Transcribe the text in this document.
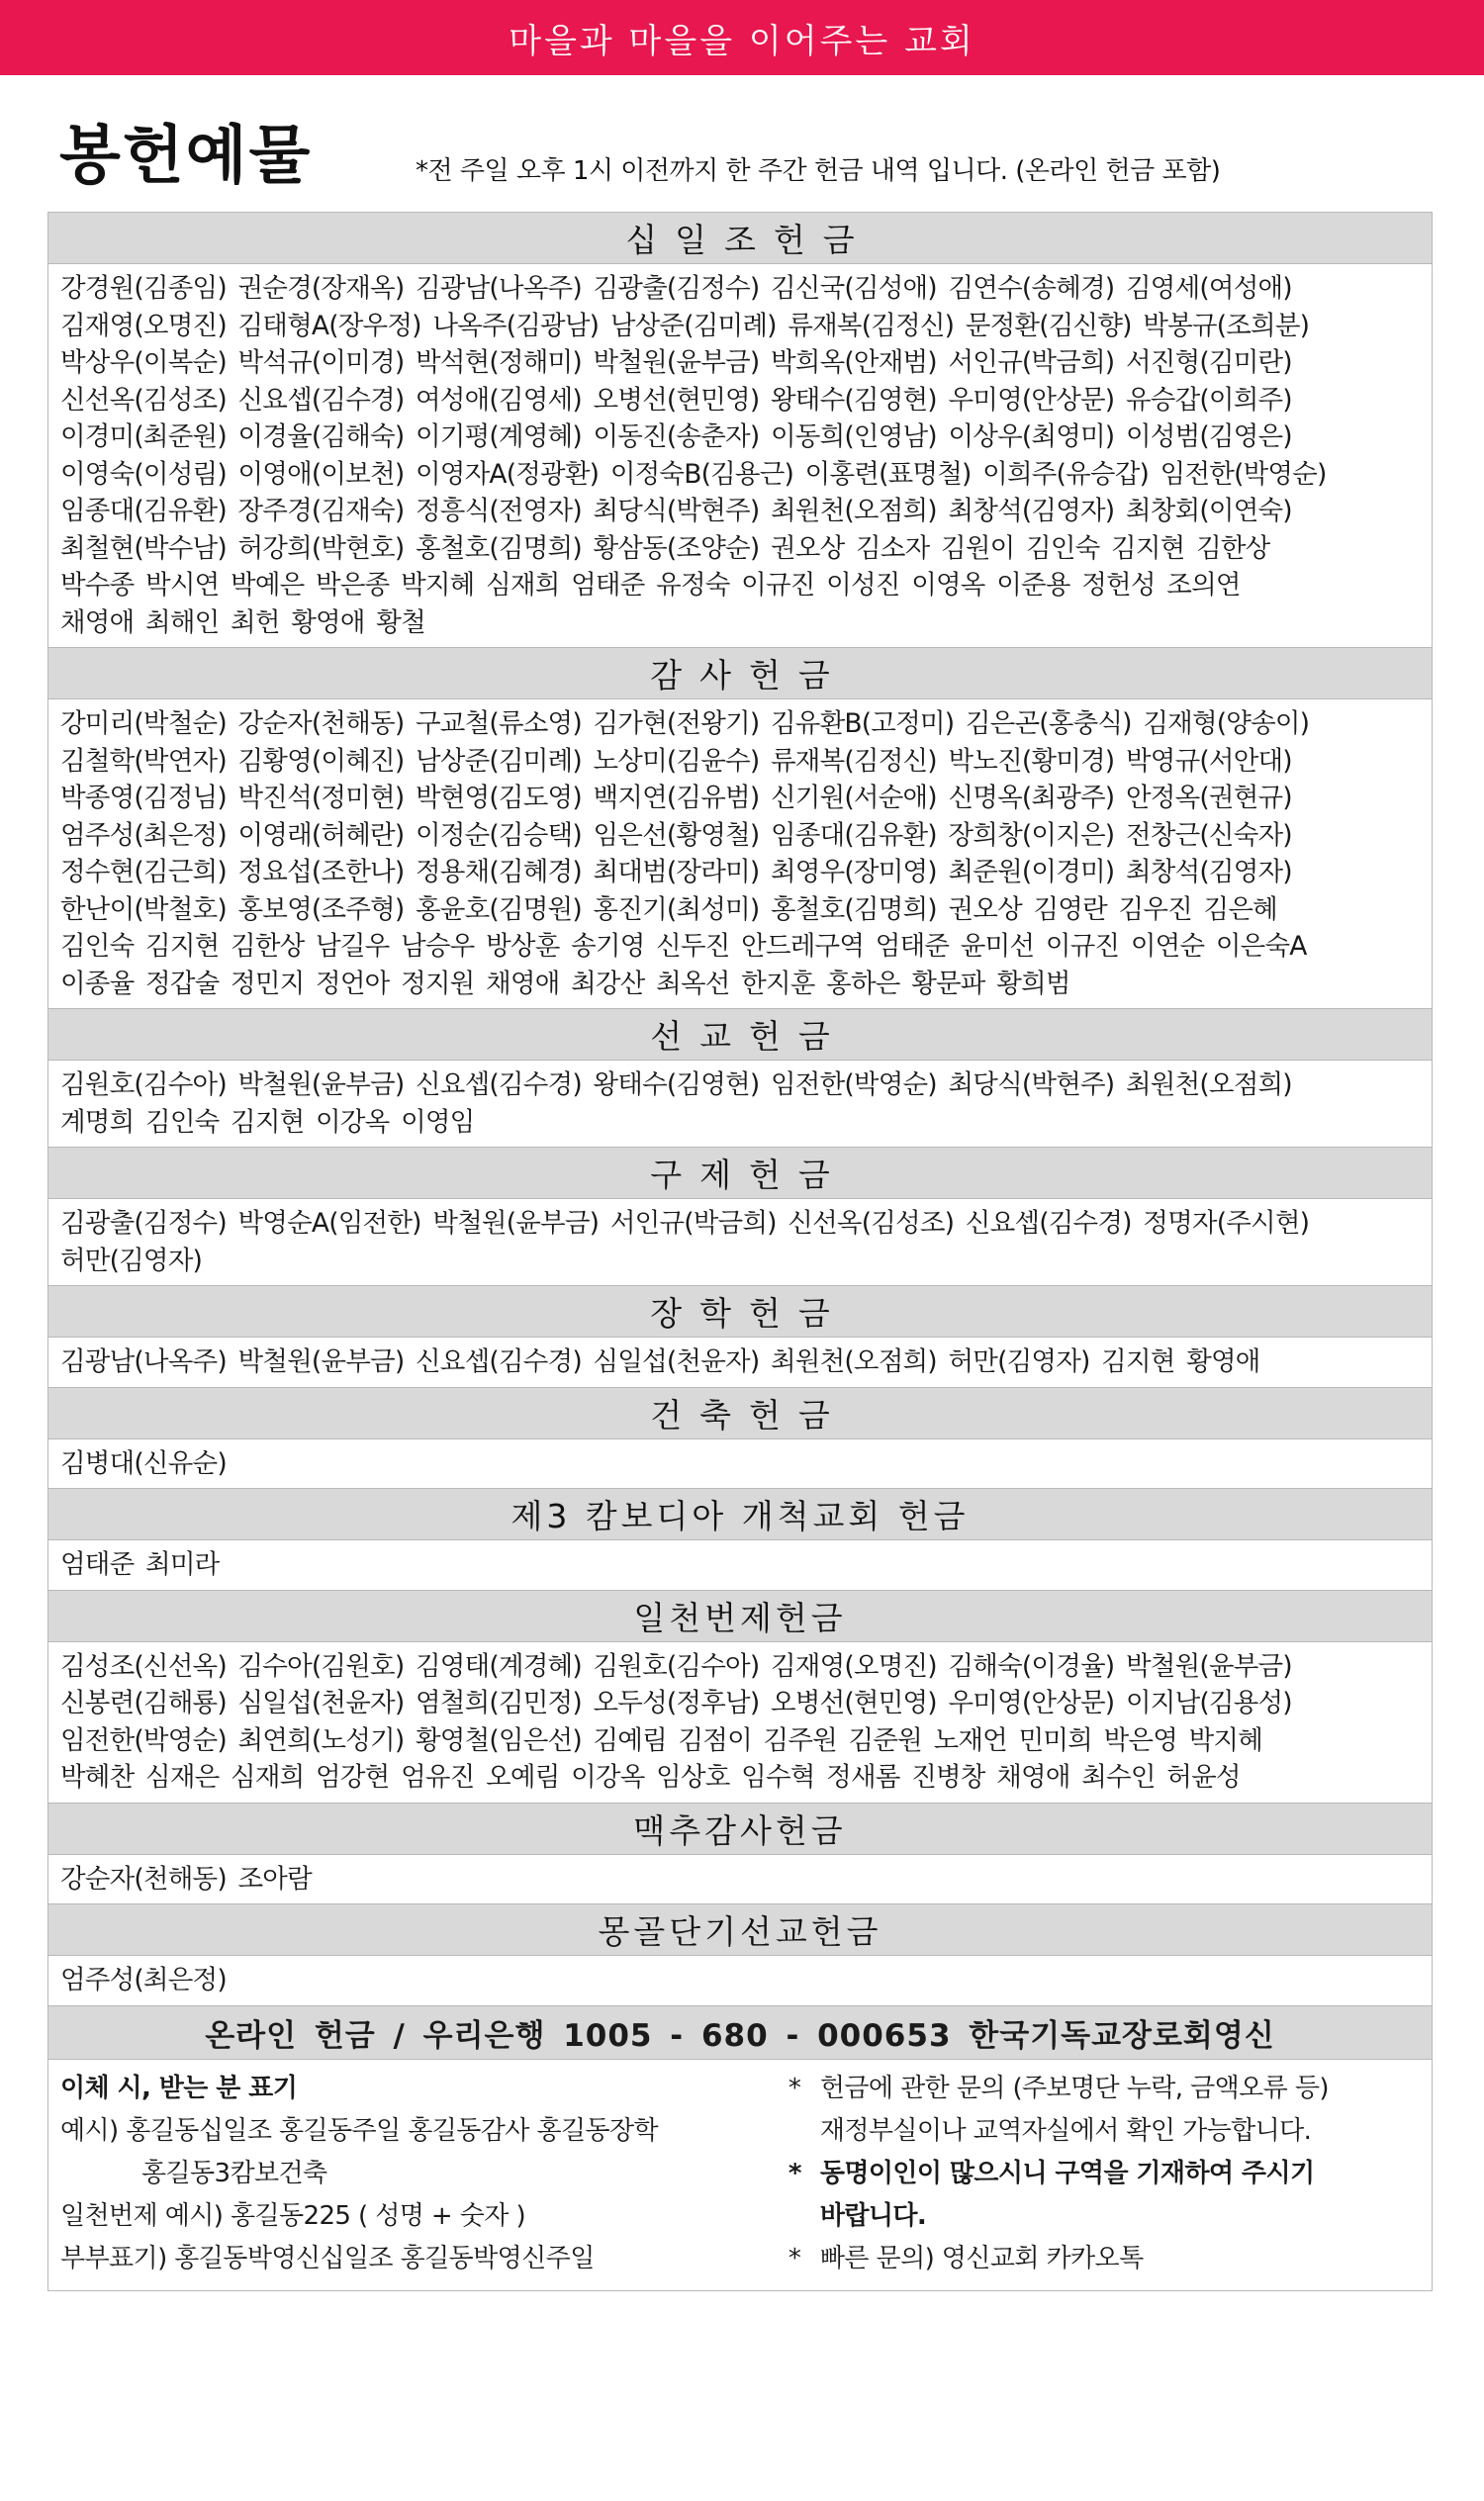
마을과 마을을 이어주는 교회
봉헌예물	*전 주일 오후 1시 이전까지 한 주간 헌금 내역 입니다. (온라인 헌금 포함)
십일조헌금

강경원(김종임) 권순경(장재옥) 김광남(나옥주) 김광출(김정수) 김신국(김성애) 김연수(송혜경) 김영세(여성애)

김재영(오명진) 김태형A(장우정) 나옥주(김광남) 남상준(김미례) 류재복(김정신) 문정환(김신향) 박봉규(조희분)

박상우(이복순) 박석규(이미경) 박석현(정해미) 박철원(윤부금) 박희옥(안재범) 서인규(박금희) 서진형(김미란)

신선옥(김성조) 신요셉(김수경) 여성애(김영세) 오병선(현민영) 왕태수(김영현) 우미영(안상문) 유승갑(이희주)

이경미(최준원) 이경율(김해숙) 이기평(계영혜) 이동진(송춘자) 이동희(인영남) 이상우(최영미) 이성범(김영은)

이영숙(이성림) 이영애(이보천) 이영자A(정광환) 이정숙B(김용근) 이홍련(표명철) 이희주(유승갑) 임전한(박영순)

임종대(김유환) 장주경(김재숙) 정흥식(전영자) 최당식(박현주) 최원천(오점희) 최창석(김영자) 최창회(이연숙)

최철현(박수남) 허강희(박현호) 홍철호(김명희) 황삼동(조양순) 권오상 김소자 김원이 김인숙 김지현 김한상

박수종 박시연 박예은 박은종 박지혜 심재희 엄태준 유정숙 이규진 이성진 이영옥 이준용 정헌성 조의연

채영애 최해인 최헌 황영애 황철

감사헌금

강미리(박철순) 강순자(천해동) 구교철(류소영) 김가현(전왕기) 김유환B(고정미) 김은곤(홍충식) 김재형(양송이)

김철학(박연자) 김황영(이혜진) 남상준(김미례) 노상미(김윤수) 류재복(김정신) 박노진(황미경) 박영규(서안대)

박종영(김정님) 박진석(정미현) 박현영(김도영) 백지연(김유범) 신기원(서순애) 신명옥(최광주) 안정옥(권현규)

엄주성(최은정) 이영래(허혜란) 이정순(김승택) 임은선(황영철) 임종대(김유환) 장희창(이지은) 전창근(신숙자)

정수현(김근희) 정요섭(조한나) 정용채(김혜경) 최대범(장라미) 최영우(장미영) 최준원(이경미) 최창석(김영자)

한난이(박철호) 홍보영(조주형) 홍윤호(김명원) 홍진기(최성미) 홍철호(김명희) 권오상 김영란 김우진 김은혜

김인숙 김지현 김한상 남길우 남승우 방상훈 송기영 신두진 안드레구역 엄태준 윤미선 이규진 이연순 이은숙A

이종율 정갑술 정민지 정언아 정지원 채영애 최강산 최옥선 한지훈 홍하은 황문파 황희범

선교헌금

김원호(김수아) 박철원(윤부금) 신요셉(김수경) 왕태수(김영현) 임전한(박영순) 최당식(박현주) 최원천(오점희)

계명희 김인숙 김지현 이강옥 이영임

구제헌금

김광출(김정수) 박영순A(임전한) 박철원(윤부금) 서인규(박금희) 신선옥(김성조) 신요셉(김수경) 정명자(주시현)

허만(김영자)

장학헌금

김광남(나옥주) 박철원(윤부금) 신요셉(김수경) 심일섭(천윤자) 최원천(오점희) 허만(김영자) 김지현 황영애

건축헌금

김병대(신유순)

제3 캄보디아 개척교회 헌금

엄태준 최미라

일천번제헌금

김성조(신선옥) 김수아(김원호) 김영태(계경혜) 김원호(김수아) 김재영(오명진) 김해숙(이경율) 박철원(윤부금)

신봉련(김해룡) 심일섭(천윤자) 염철희(김민정) 오두성(정후남) 오병선(현민영) 우미영(안상문) 이지남(김용성)

임전한(박영순) 최연희(노성기) 황영철(임은선) 김예림 김점이 김주원 김준원 노재언 민미희 박은영 박지혜

박혜찬 심재은 심재희 엄강현 엄유진 오예림 이강옥 임상호 임수혁 정새롬 진병창 채영애 최수인 허윤성

맥추감사헌금

강순자(천해동) 조아람

몽골단기선교헌금

엄주성(최은정)

온라인 헌금 / 우리은행 1005 - 680 - 000653 한국기독교장로회영신
이체 시, 받는 분 표기
예시) 홍길동십일조 홍길동주일 홍길동감사 홍길동장학
홍길동3캄보건축
일천번제 예시) 홍길동225 ( 성명 + 숫자 )
부부표기) 홍길동박영신십일조 홍길동박영신주일
* 헌금에 관한 문의 (주보명단 누락, 금액오류 등)
재정부실이나 교역자실에서 확인 가능합니다.
* 동명이인이 많으시니 구역을 기재하여 주시기
바랍니다.
* 빠른 문의) 영신교회 카카오톡
